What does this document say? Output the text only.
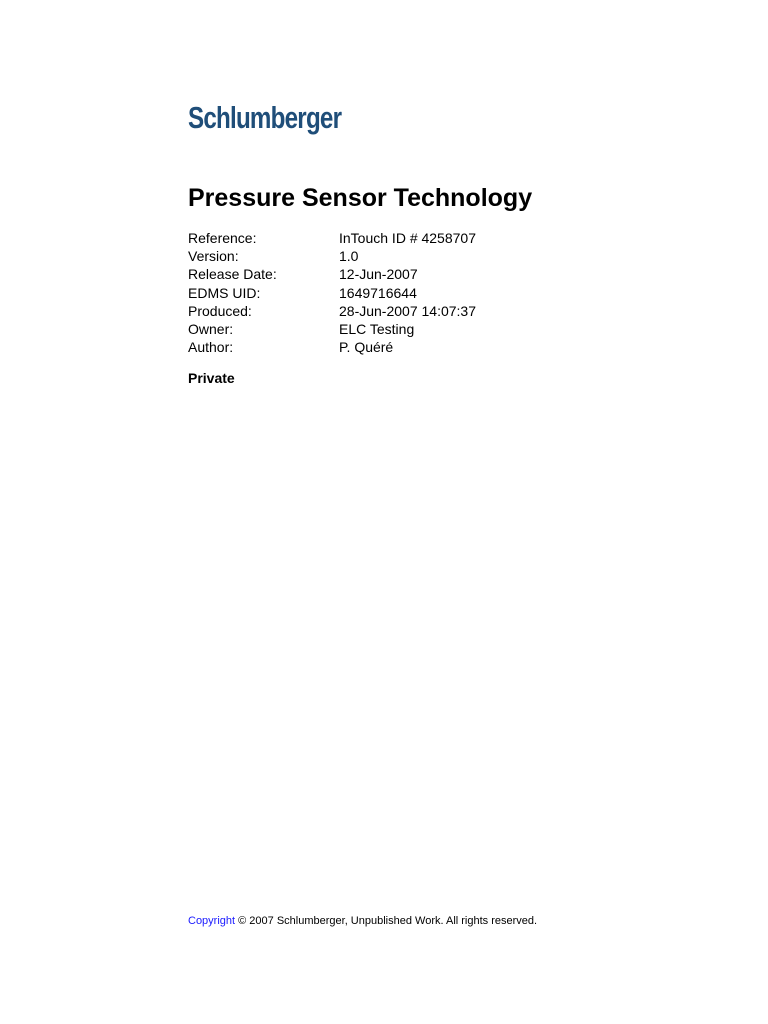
Schlumberger
Pressure Sensor Technology
Reference:	InTouch ID # 4258707
Version:	1.0
Release Date:	12-Jun-2007
EDMS UID:	1649716644
Produced:	28-Jun-2007 14:07:37
Owner:	ELC Testing
Author:	P. Quéré
Private
Copyright © 2007 Schlumberger, Unpublished Work. All rights reserved.
